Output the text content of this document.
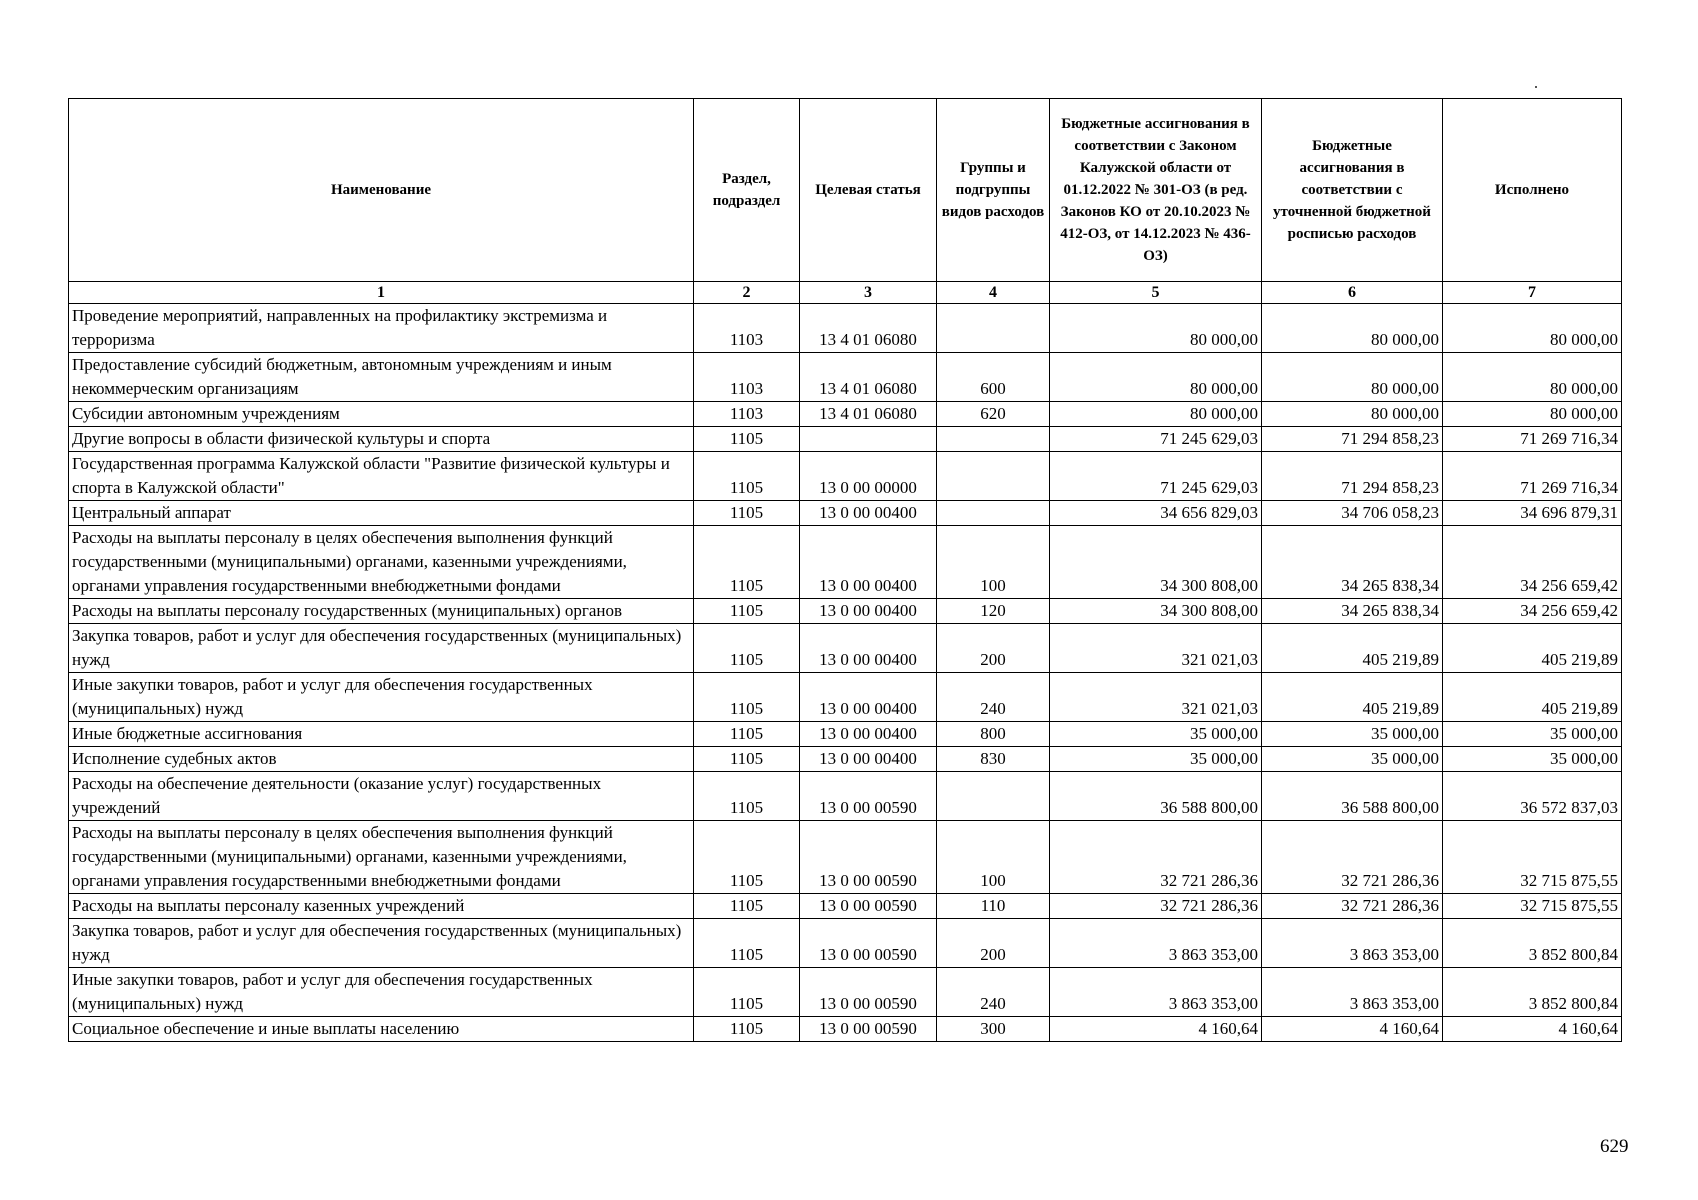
Наименование	Раздел, подраздел	Целевая статья	Группы и подгруппы видов расходов	Бюджетные ассигнования в соответствии с Законом Калужской области от 01.12.2022 № 301-ОЗ (в ред. Законов КО от 20.10.2023 № 412-ОЗ, от 14.12.2023 № 436-ОЗ)	Бюджетные ассигнования в соответствии с уточненной бюджетной росписью расходов	Исполнено
1	2	3	4	5	6	7
Проведение мероприятий, направленных на профилактику экстремизма и терроризма	1103	13 4 01 06080		80 000,00	80 000,00	80 000,00
Предоставление субсидий бюджетным, автономным учреждениям и иным некоммерческим организациям	1103	13 4 01 06080	600	80 000,00	80 000,00	80 000,00
Субсидии автономным учреждениям	1103	13 4 01 06080	620	80 000,00	80 000,00	80 000,00
Другие вопросы в области физической культуры и спорта	1105			71 245 629,03	71 294 858,23	71 269 716,34
Государственная программа Калужской области "Развитие физической культуры и спорта в Калужской области"	1105	13 0 00 00000		71 245 629,03	71 294 858,23	71 269 716,34
Центральный аппарат	1105	13 0 00 00400		34 656 829,03	34 706 058,23	34 696 879,31
Расходы на выплаты персоналу в целях обеспечения выполнения функций государственными (муниципальными) органами, казенными учреждениями, органами управления государственными внебюджетными фондами	1105	13 0 00 00400	100	34 300 808,00	34 265 838,34	34 256 659,42
Расходы на выплаты персоналу государственных (муниципальных) органов	1105	13 0 00 00400	120	34 300 808,00	34 265 838,34	34 256 659,42
Закупка товаров, работ и услуг для обеспечения государственных (муниципальных) нужд	1105	13 0 00 00400	200	321 021,03	405 219,89	405 219,89
Иные закупки товаров, работ и услуг для обеспечения государственных (муниципальных) нужд	1105	13 0 00 00400	240	321 021,03	405 219,89	405 219,89
Иные бюджетные ассигнования	1105	13 0 00 00400	800	35 000,00	35 000,00	35 000,00
Исполнение судебных актов	1105	13 0 00 00400	830	35 000,00	35 000,00	35 000,00
Расходы на обеспечение деятельности (оказание услуг) государственных учреждений	1105	13 0 00 00590		36 588 800,00	36 588 800,00	36 572 837,03
Расходы на выплаты персоналу в целях обеспечения выполнения функций государственными (муниципальными) органами, казенными учреждениями, органами управления государственными внебюджетными фондами	1105	13 0 00 00590	100	32 721 286,36	32 721 286,36	32 715 875,55
Расходы на выплаты персоналу казенных учреждений	1105	13 0 00 00590	110	32 721 286,36	32 721 286,36	32 715 875,55
Закупка товаров, работ и услуг для обеспечения государственных (муниципальных) нужд	1105	13 0 00 00590	200	3 863 353,00	3 863 353,00	3 852 800,84
Иные закупки товаров, работ и услуг для обеспечения государственных (муниципальных) нужд	1105	13 0 00 00590	240	3 863 353,00	3 863 353,00	3 852 800,84
Социальное обеспечение и иные выплаты населению	1105	13 0 00 00590	300	4 160,64	4 160,64	4 160,64
629
